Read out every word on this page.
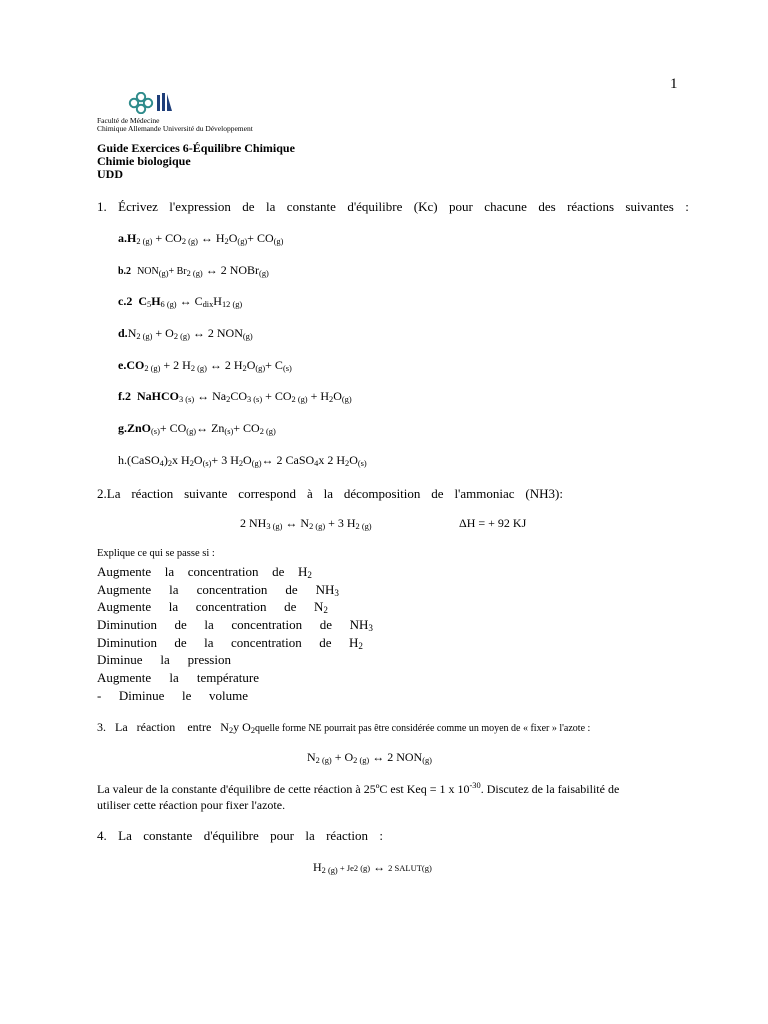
1
Faculté de Médecine
Chimique Allemande Université du Développement
Guide Exercices 6-Équilibre Chimique
Chimie biologique
UDD
1. Écrivez l'expression de la constante d'équilibre (Kc) pour chacune des réactions suivantes :
$a.H_{2 (g)} + CO_{2 (g)}$ ↔ $H_2O_{(g)}+ CO_{(g)}$
b.2 $NON_{(g)}+ Br_{2 (g)}$ ↔ 2 NOBr$_{(g)}$
c.2 $C_5H_{6 (g)}$ ↔ $C_{dix}H_{12 (g)}$
$d.N_{2 (g)} + O_{2 (g)}$ ↔ 2 $NON_{(g)}$
$e.CO_{2 (g)} + 2$ $H_{2 (g)}$ ↔ 2 $H_2O_{(g)}+ C_{(s)}$
f.2 NaHCO$_{3 (s)}$ ↔ $Na_2CO_{3 (s)} + CO_{2 (g)} + H_2O_{(g)}$
$g.ZnO_{(s)}+ CO_{(g)}\leftrightarrow$ $Zn_{(s)}+ CO_{2 (g)}$
$h.(CaSO_4)_2x$ $H_2O_{(s)}+ 3$ $H_2O_{(g)}\leftrightarrow$ 2 CaSO$_4$x 2 $H_2O_{(s)}$
2.La réaction suivante correspond à la décomposition de l'ammoniac (NH3):
2 $NH_{3 (g)}$ ↔ $N_{2 (g)} + 3$ $H_{2 (g)}$	ΔH = + 92 KJ
Explique ce qui se passe si :
Augmente la concentration de $H_2$
Augmente la concentration de $NH_3$
Augmente la concentration de $N_2$
Diminution de la concentration de $NH_3$
Diminution de la concentration de $H_2$
Diminue la pression
Augmente la température
- Diminue le volume
3. La réaction entre $N_2y$ $O_2quelle$ forme NE pourrait pas être considérée comme un moyen de « fixer » l'azote :
$N_{2 (g)} + O_{2 (g)}$ ↔ 2 $NON_{(g)}$
La valeur de la constante d'équilibre de cette réaction à 25ºC est Keq = 1 x $10^{-30}$. Discutez de la faisabilité de
utiliser cette réaction pour fixer l'azote.
4. La constante d'équilibre pour la réaction :
$H_{2 (g)} + Je2$ (g) ↔ 2 SALUT(g)
